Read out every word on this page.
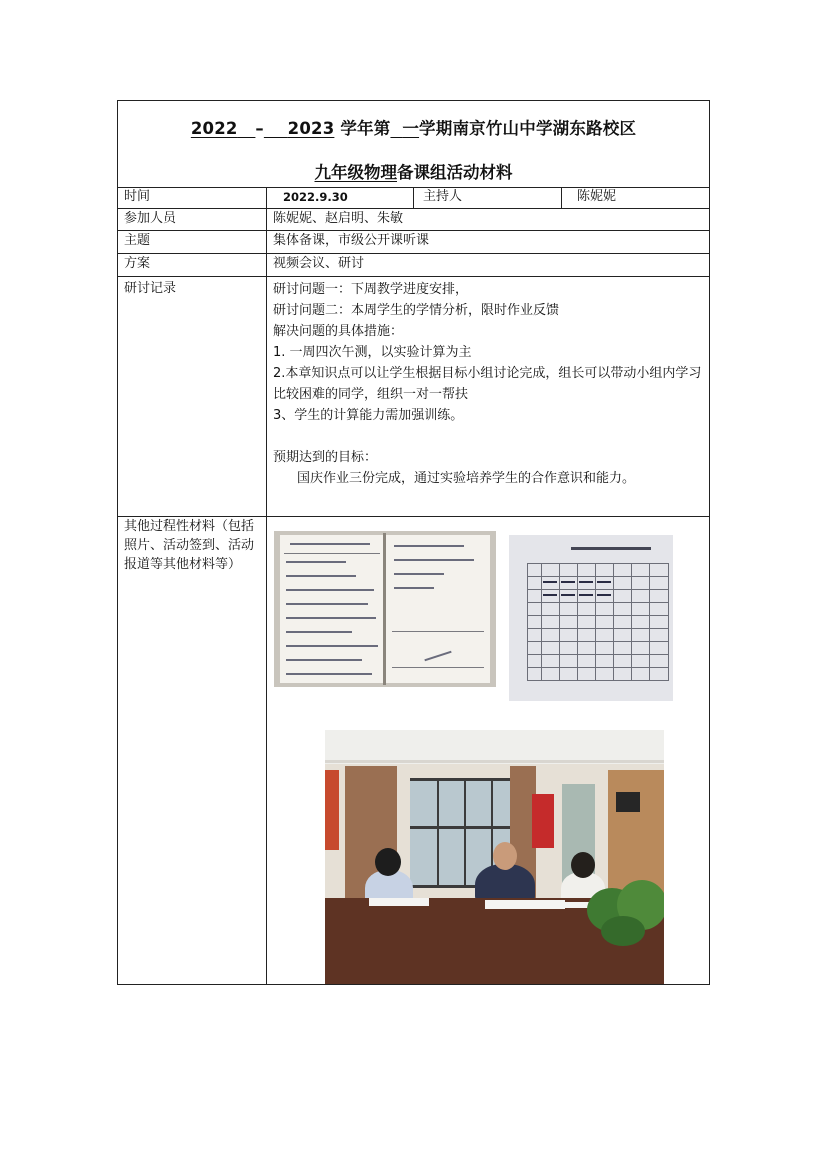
2022 – 2023 学年第 一学期南京竹山中学湖东路校区
九年级物理备课组活动材料
时间	2022.9.30	主持人	陈妮妮
参加人员	陈妮妮、赵启明、朱敏
主题	集体备课，市级公开课听课
方案	视频会议、研讨
研讨记录	研讨问题一：下周教学进度安排，

研讨问题二：本周学生的学情分析，限时作业反馈

解决问题的具体措施：

1. 一周四次午测，以实验计算为主

2.本章知识点可以让学生根据目标小组讨论完成，组长可以带动小组内学习比较困难的同学，组织一对一帮扶

3、学生的计算能力需加强训练。

预期达到的目标：

国庆作业三份完成，通过实验培养学生的合作意识和能力。

其他过程性材料（包括照片、活动签到、活动报道等其他材料等）
